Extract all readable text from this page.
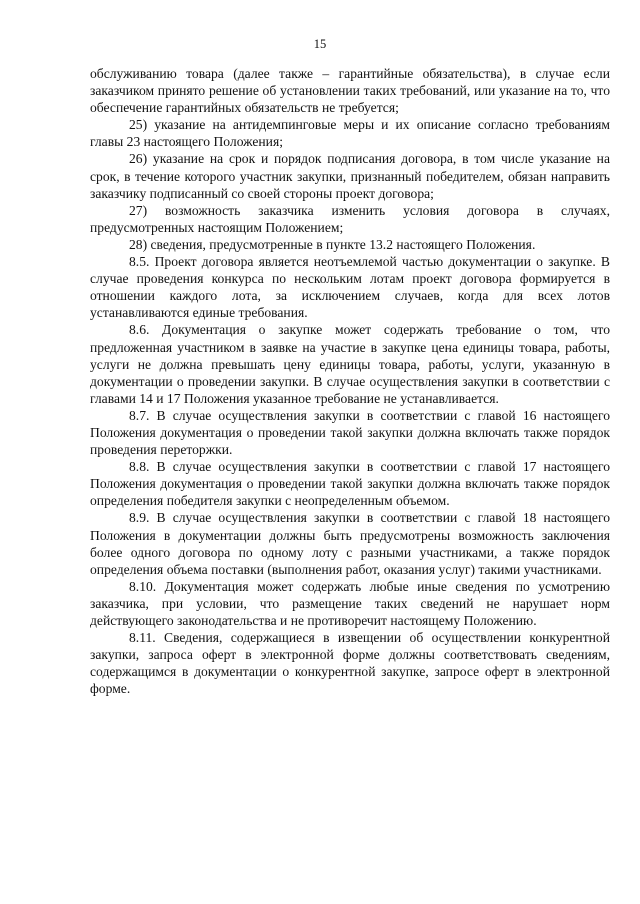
15

обслуживанию товара (далее также – гарантийные обязательства), в случае если заказчиком принято решение об установлении таких требований, или указание на то, что обеспечение гарантийных обязательств не требуется;

25) указание на антидемпинговые меры и их описание согласно требованиям главы 23 настоящего Положения;

26) указание на срок и порядок подписания договора, в том числе указание на срок, в течение которого участник закупки, признанный победителем, обязан направить заказчику подписанный со своей стороны проект договора;

27) возможность заказчика изменить условия договора в случаях, предусмотренных настоящим Положением;

28) сведения, предусмотренные в пункте 13.2 настоящего Положения.

8.5. Проект договора является неотъемлемой частью документации о закупке. В случае проведения конкурса по нескольким лотам проект договора формируется в отношении каждого лота, за исключением случаев, когда для всех лотов устанавливаются единые требования.

8.6. Документация о закупке может содержать требование о том, что предложенная участником в заявке на участие в закупке цена единицы товара, работы, услуги не должна превышать цену единицы товара, работы, услуги, указанную в документации о проведении закупки. В случае осуществления закупки в соответствии с главами 14 и 17 Положения указанное требование не устанавливается.

8.7. В случае осуществления закупки в соответствии с главой 16 настоящего Положения документация о проведении такой закупки должна включать также порядок проведения переторжки.

8.8. В случае осуществления закупки в соответствии с главой 17 настоящего Положения документация о проведении такой закупки должна включать также порядок определения победителя закупки с неопределенным объемом.

8.9. В случае осуществления закупки в соответствии с главой 18 настоящего Положения в документации должны быть предусмотрены возможность заключения более одного договора по одному лоту с разными участниками, а также порядок определения объема поставки (выполнения работ, оказания услуг) такими участниками.

8.10. Документация может содержать любые иные сведения по усмотрению заказчика, при условии, что размещение таких сведений не нарушает норм действующего законодательства и не противоречит настоящему Положению.

8.11. Сведения, содержащиеся в извещении об осуществлении конкурентной закупки, запроса оферт в электронной форме должны соответствовать сведениям, содержащимся в документации о конкурентной закупке, запросе оферт в электронной форме.
